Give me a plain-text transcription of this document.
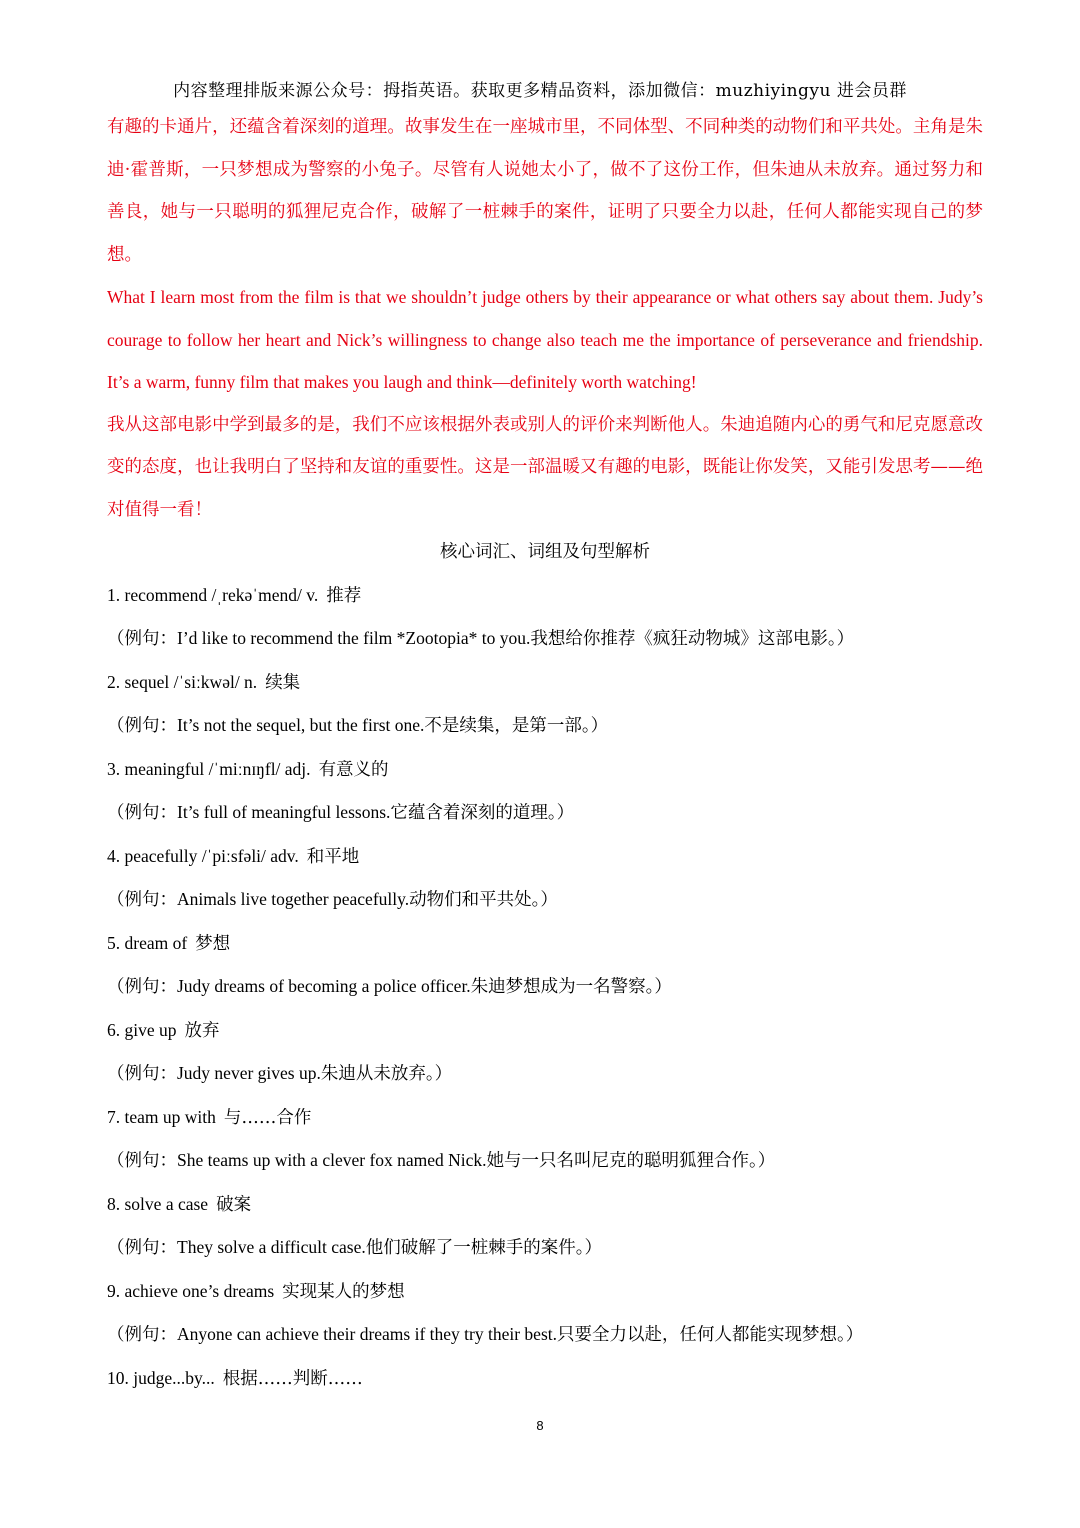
内容整理排版来源公众号：拇指英语。获取更多精品资料，添加微信：muzhiyingyu 进会员群

有趣的卡通片，还蕴含着深刻的道理。故事发生在一座城市里，不同体型、不同种类的动物们和平共处。主角是朱迪·霍普斯，一只梦想成为警察的小兔子。尽管有人说她太小了，做不了这份工作，但朱迪从未放弃。通过努力和善良，她与一只聪明的狐狸尼克合作，破解了一桩棘手的案件，证明了只要全力以赴，任何人都能实现自己的梦想。

What I learn most from the film is that we shouldn’t judge others by their appearance or what others say about them. Judy’s courage to follow her heart and Nick’s willingness to change also teach me the importance of perseverance and friendship. It’s a warm, funny film that makes you laugh and think—definitely worth watching!

我从这部电影中学到最多的是，我们不应该根据外表或别人的评价来判断他人。朱迪追随内心的勇气和尼克愿意改变的态度，也让我明白了坚持和友谊的重要性。这是一部温暖又有趣的电影，既能让你发笑，又能引发思考——绝对值得一看！

核心词汇、词组及句型解析

1. recommend /ˌrekəˈmend/ v. 推荐

（例句：I’d like to recommend the film *Zootopia* to you.我想给你推荐《疯狂动物城》这部电影。）

2. sequel /ˈsiːkwəl/ n. 续集

（例句：It’s not the sequel, but the first one.不是续集，是第一部。）

3. meaningful /ˈmiːnɪŋfl/ adj. 有意义的

（例句：It’s full of meaningful lessons.它蕴含着深刻的道理。）

4. peacefully /ˈpiːsfəli/ adv. 和平地

（例句：Animals live together peacefully.动物们和平共处。）

5. dream of 梦想

（例句：Judy dreams of becoming a police officer.朱迪梦想成为一名警察。）

6. give up 放弃

（例句：Judy never gives up.朱迪从未放弃。）

7. team up with 与……合作

（例句：She teams up with a clever fox named Nick.她与一只名叫尼克的聪明狐狸合作。）

8. solve a case 破案

（例句：They solve a difficult case.他们破解了一桩棘手的案件。）

9. achieve one’s dreams 实现某人的梦想

（例句：Anyone can achieve their dreams if they try their best.只要全力以赴，任何人都能实现梦想。）

10. judge...by... 根据……判断……

8
